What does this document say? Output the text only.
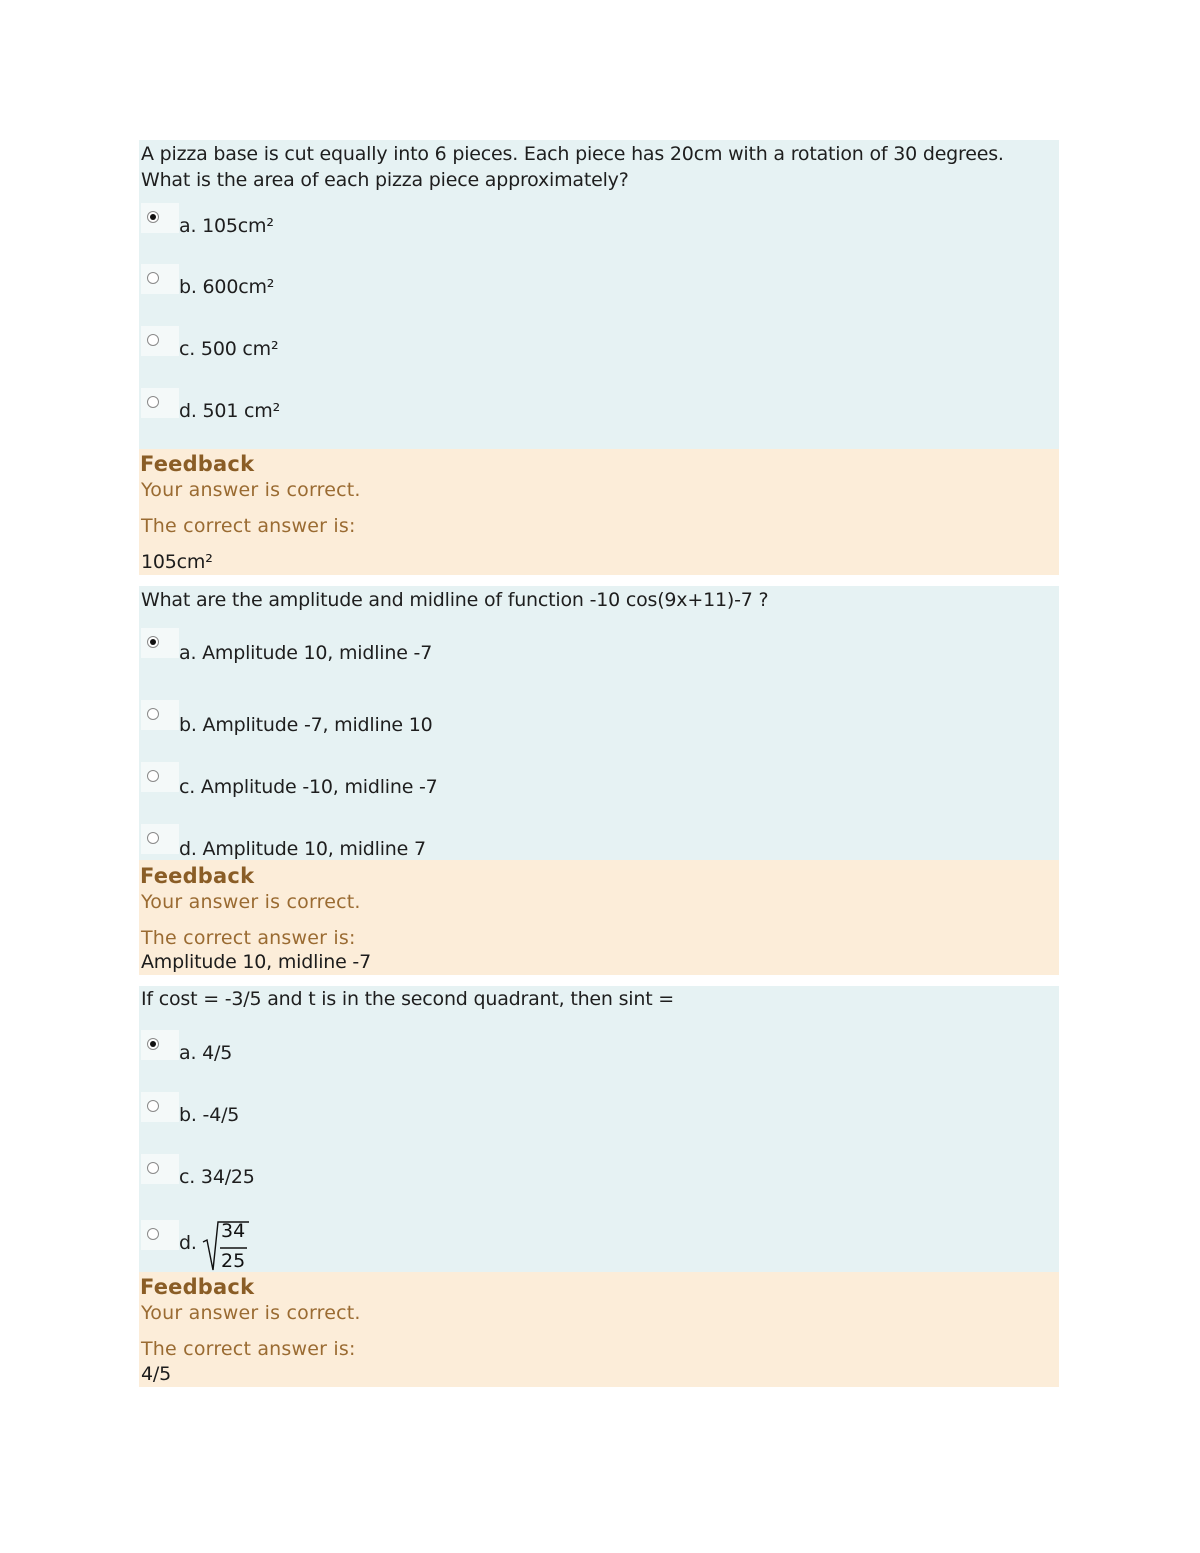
A pizza base is cut equally into 6 pieces. Each piece has 20cm with a rotation of 30 degrees.
What is the area of each pizza piece approximately?

a. 105cm²
b. 600cm²
c. 500 cm²
d. 501 cm²
Feedback
Your answer is correct.
The correct answer is:
105cm²

What are the amplitude and midline of function -10 cos(9x+11)-7 ?

a. Amplitude 10, midline -7
b. Amplitude -7, midline 10
c. Amplitude -10, midline -7
d. Amplitude 10, midline 7
Feedback
Your answer is correct.
The correct answer is:
Amplitude 10, midline -7

If cost = -3/5 and t is in the second quadrant, then sint =

a. 4/5
b. -4/5
c. 34/25
d.
34
25
Feedback
Your answer is correct.
The correct answer is:
4/5
